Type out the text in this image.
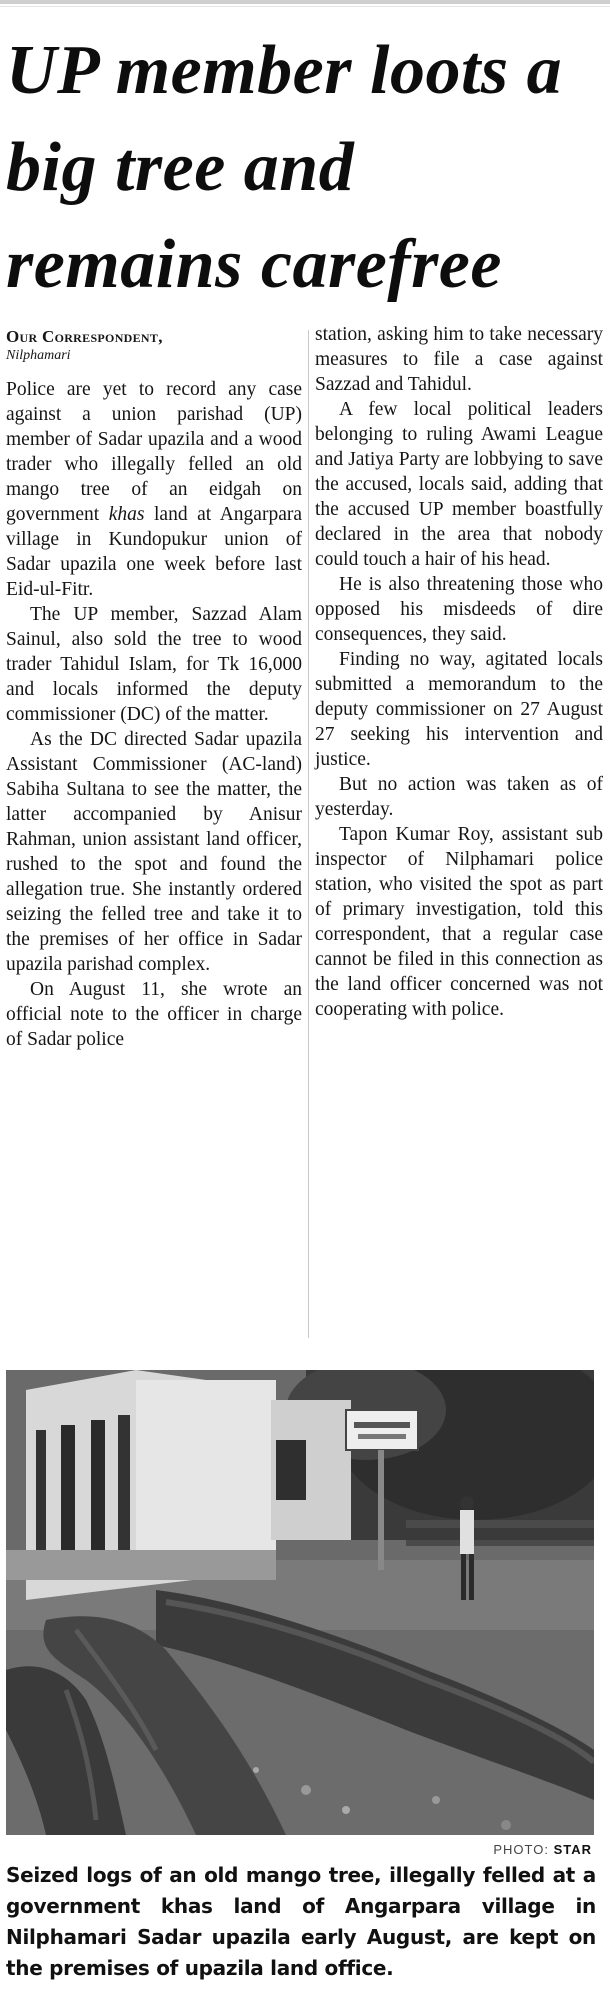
UP member loots a big tree and remains carefree
Our Correspondent,
Nilphamari

Police are yet to record any case against a union parishad (UP) member of Sadar upazila and a wood trader who illegally felled an old mango tree of an eidgah on government khas land at Angarpara village in Kundopukur union of Sadar upazila one week before last Eid-ul-Fitr.

The UP member, Sazzad Alam Sainul, also sold the tree to wood trader Tahidul Islam, for Tk 16,000 and locals informed the deputy commissioner (DC) of the matter.

As the DC directed Sadar upazila Assistant Commissioner (AC-land) Sabiha Sultana to see the matter, the latter accompanied by Anisur Rahman, union assistant land officer, rushed to the spot and found the allegation true. She instantly ordered seizing the felled tree and take it to the premises of her office in Sadar upazila parishad complex.

On August 11, she wrote an official note to the officer in charge of Sadar police

station, asking him to take necessary measures to file a case against Sazzad and Tahidul.

A few local political leaders belonging to ruling Awami League and Jatiya Party are lobbying to save the accused, locals said, adding that the accused UP member boastfully declared in the area that nobody could touch a hair of his head.

He is also threatening those who opposed his misdeeds of dire consequences, they said.

Finding no way, agitated locals submitted a memorandum to the deputy commissioner on 27 August 27 seeking his intervention and justice.

But no action was taken as of yesterday.

Tapon Kumar Roy, assistant sub inspector of Nilphamari police station, who visited the spot as part of primary investigation, told this correspondent, that a regular case cannot be filed in this connection as the land officer concerned was not cooperating with police.

PHOTO: STAR
Seized logs of an old mango tree, illegally felled at a government khas land of Angarpara village in Nilphamari Sadar upazila early August, are kept on the premises of upazila land office.
